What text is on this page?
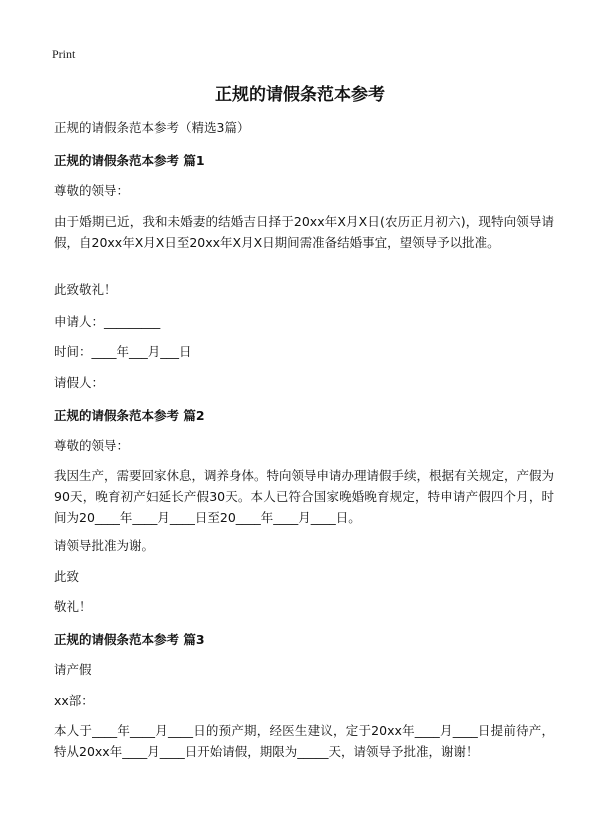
Print
正规的请假条范本参考
正规的请假条范本参考（精选3篇）
正规的请假条范本参考 篇1
尊敬的领导：
由于婚期已近，我和未婚妻的结婚吉日择于20xx年X月X日(农历正月初六)，现特向领导请假，自20xx年X月X日至20xx年X月X日期间需准备结婚事宜，望领导予以批准。
此致敬礼！
申请人：_________
时间：____年___月___日
请假人：
正规的请假条范本参考 篇2
尊敬的领导：
我因生产，需要回家休息，调养身体。特向领导申请办理请假手续，根据有关规定，产假为90天，晚育初产妇延长产假30天。本人已符合国家晚婚晚育规定，特申请产假四个月，时间为20____年____月____日至20____年____月____日。
请领导批准为谢。
此致
敬礼！
正规的请假条范本参考 篇3
请产假
xx部：
本人于____年____月____日的预产期，经医生建议，定于20xx年____月____日提前待产，特从20xx年____月____日开始请假，期限为_____天，请领导予批准，谢谢！
